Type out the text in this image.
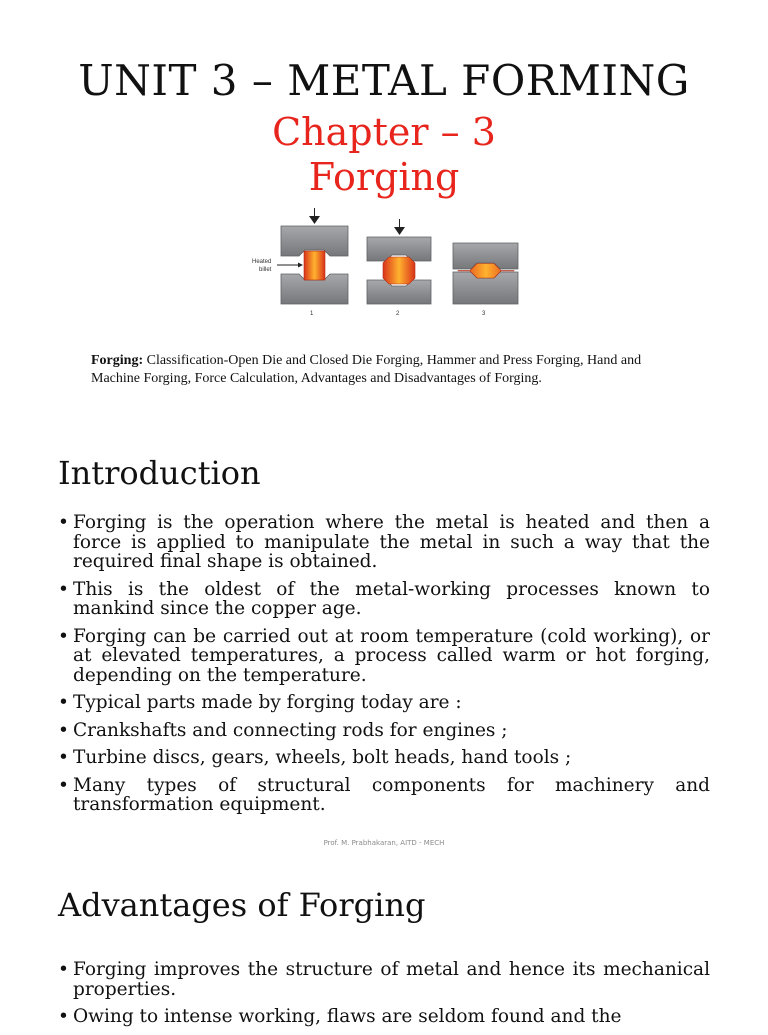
UNIT 3 – METAL FORMING
Chapter – 3
Forging
Heated
billet
1	2	3
Forging: Classification-Open Die and Closed Die Forging, Hammer and Press Forging, Hand and Machine Forging, Force Calculation, Advantages and Disadvantages of Forging.
Introduction
• Forging is the operation where the metal is heated and then a force is applied to manipulate the metal in such a way that the required final shape is obtained.
• This is the oldest of the metal-working processes known to mankind since the copper age.
• Forging can be carried out at room temperature (cold working), or at elevated temperatures, a process called warm or hot forging, depending on the temperature.
• Typical parts made by forging today are :
• Crankshafts and connecting rods for engines ;
• Turbine discs, gears, wheels, bolt heads, hand tools ;
• Many types of structural components for machinery and transformation equipment.
Prof. M. Prabhakaran, AITD - MECH
Advantages of Forging
• Forging improves the structure of metal and hence its mechanical properties.
• Owing to intense working, flaws are seldom found and the
